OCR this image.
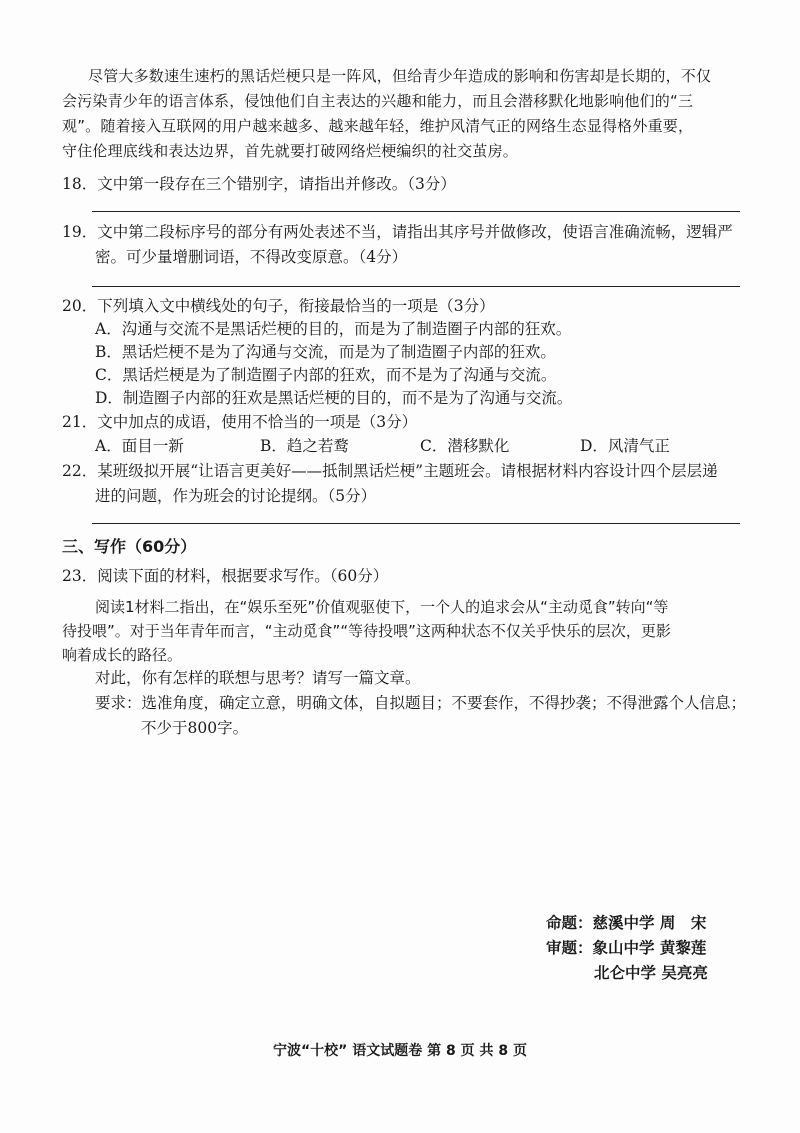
尽管大多数速生速朽的黑话烂梗只是一阵风，但给青少年造成的影响和伤害却是长期的，不仅
会污染青少年的语言体系，侵蚀他们自主表达的兴趣和能力，而且会潜移默化地影响他们的“三
观”。随着接入互联网的用户越来越多、越来越年轻，维护风清气正的网络生态显得格外重要，
守住伦理底线和表达边界，首先就要打破网络烂梗编织的社交茧房。
18．文中第一段存在三个错别字，请指出并修改。（3分）
19．文中第二段标序号的部分有两处表述不当，请指出其序号并做修改，使语言准确流畅，逻辑严
密。可少量增删词语，不得改变原意。（4分）
20．下列填入文中横线处的句子，衔接最恰当的一项是（3分）
A．沟通与交流不是黑话烂梗的目的，而是为了制造圈子内部的狂欢。
B．黑话烂梗不是为了沟通与交流，而是为了制造圈子内部的狂欢。
C．黑话烂梗是为了制造圈子内部的狂欢，而不是为了沟通与交流。
D．制造圈子内部的狂欢是黑话烂梗的目的，而不是为了沟通与交流。
21．文中加点的成语，使用不恰当的一项是（3分）
A．面目一新	B．趋之若鹜	C．潜移默化	D．风清气正
22．某班级拟开展“让语言更美好——抵制黑话烂梗”主题班会。请根据材料内容设计四个层层递
进的问题，作为班会的讨论提纲。（5分）
三、写作（60分）
23．阅读下面的材料，根据要求写作。（60分）
阅读1材料二指出，在“娱乐至死”价值观驱使下，一个人的追求会从“主动觅食”转向“等
待投喂”。对于当年青年而言，“主动觅食”“等待投喂”这两种状态不仅关乎快乐的层次，更影
响着成长的路径。
对此，你有怎样的联想与思考？请写一篇文章。
要求：选准角度，确定立意，明确文体，自拟题目；不要套作，不得抄袭；不得泄露个人信息；
不少于800字。
命题：慈溪中学 周　宋
审题：象山中学 黄黎莲
北仑中学 吴亮亮
宁波“十校” 语文试题卷 第 8 页 共 8 页
